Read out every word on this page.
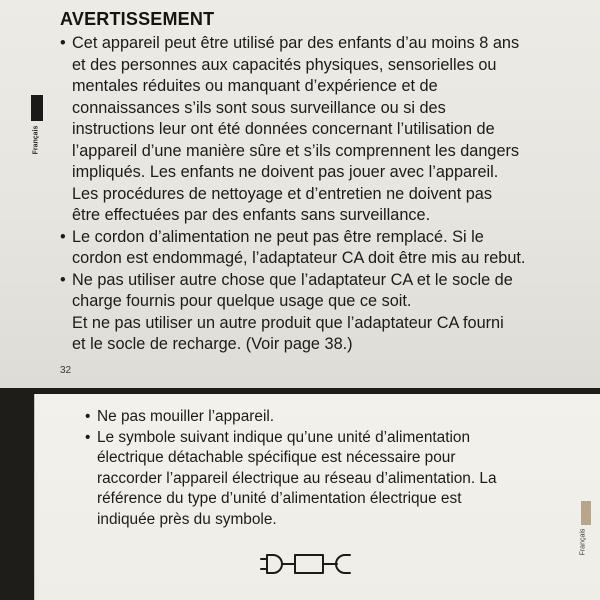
Français
AVERTISSEMENT
• Cet appareil peut être utilisé par des enfants d’au moins 8 ans
et des personnes aux capacités physiques, sensorielles ou
mentales réduites ou manquant d’expérience et de
connaissances s’ils sont sous surveillance ou si des
instructions leur ont été données concernant l’utilisation de
l’appareil d’une manière sûre et s’ils comprennent les dangers
impliqués. Les enfants ne doivent pas jouer avec l’appareil.
Les procédures de nettoyage et d’entretien ne doivent pas
être effectuées par des enfants sans surveillance.
• Le cordon d’alimentation ne peut pas être remplacé. Si le
cordon est endommagé, l’adaptateur CA doit être mis au rebut.
• Ne pas utiliser autre chose que l’adaptateur CA et le socle de
charge fournis pour quelque usage que ce soit.
Et ne pas utiliser un autre produit que l’adaptateur CA fourni
et le socle de recharge. (Voir page 38.)
32
• Ne pas mouiller l’appareil.
• Le symbole suivant indique qu’une unité d’alimentation
électrique détachable spécifique est nécessaire pour
raccorder l’appareil électrique au réseau d’alimentation. La
référence du type d’unité d’alimentation électrique est
indiquée près du symbole.
Français
